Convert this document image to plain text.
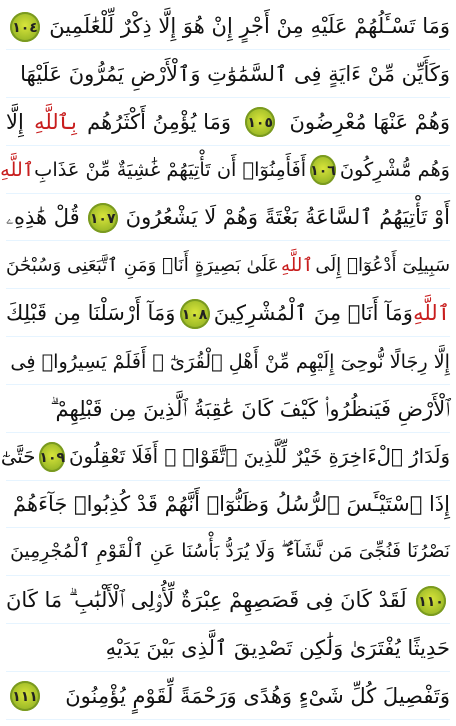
وَمَا تَسْـَٔلُهُمْ عَلَيْهِ مِنْ أَجْرٍ إِنْ هُوَ إِلَّا ذِكْرٌ لِّلْعَٰلَمِينَ
١٠٤
وَكَأَيِّن مِّنْ ءَايَةٍ فِى ٱلسَّمَٰوَٰتِ وَٱلْأَرْضِ يَمُرُّونَ عَلَيْهَا
وَهُمْ عَنْهَا مُعْرِضُونَ
١٠٥
وَمَا يُؤْمِنُ أَكْثَرُهُم
بِٱللَّهِ
إِلَّا
وَهُم مُّشْرِكُونَ
١٠٦
أَفَأَمِنُوٓا۟ أَن تَأْتِيَهُمْ غَٰشِيَةٌ مِّنْ عَذَابِ
ٱللَّهِ
أَوْ تَأْتِيَهُمُ ٱلسَّاعَةُ بَغْتَةً وَهُمْ لَا يَشْعُرُونَ
١٠٧
قُلْ هَٰذِهِۦ
سَبِيلِىٓ أَدْعُوٓا۟ إِلَى
ٱللَّهِ
عَلَىٰ بَصِيرَةٍ أَنَا۠ وَمَنِ ٱتَّبَعَنِى وَسُبْحَٰنَ
ٱللَّهِ
وَمَآ أَنَا۠ مِنَ ٱلْمُشْرِكِينَ
١٠٨
وَمَآ أَرْسَلْنَا مِن قَبْلِكَ
إِلَّا رِجَالًا نُّوحِىٓ إِلَيْهِم مِّنْ أَهْلِ ٱلْقُرَىٰٓ ۗ أَفَلَمْ يَسِيرُوا۟ فِى
ٱلْأَرْضِ فَيَنظُرُوا۟ كَيْفَ كَانَ عَٰقِبَةُ ٱلَّذِينَ مِن قَبْلِهِمْ ۗ
وَلَدَارُ ٱلْءَاخِرَةِ خَيْرٌ لِّلَّذِينَ ٱتَّقَوْا۟ ۗ أَفَلَا تَعْقِلُونَ
١٠٩
حَتَّىٰٓ
إِذَا ٱسْتَيْـَٔسَ ٱلرُّسُلُ وَظَنُّوٓا۟ أَنَّهُمْ قَدْ كُذِبُوا۟ جَآءَهُمْ
نَصْرُنَا فَنُجِّىَ مَن نَّشَآءُ ۖ وَلَا يُرَدُّ بَأْسُنَا عَنِ ٱلْقَوْمِ ٱلْمُجْرِمِينَ
١١٠
لَقَدْ كَانَ فِى قَصَصِهِمْ عِبْرَةٌ لِّأُو۟لِى ٱلْأَلْبَٰبِ ۗ مَا كَانَ
حَدِيثًا يُفْتَرَىٰ وَلَٰكِن تَصْدِيقَ ٱلَّذِى بَيْنَ يَدَيْهِ
وَتَفْصِيلَ كُلِّ شَىْءٍ وَهُدًى وَرَحْمَةً لِّقَوْمٍ يُؤْمِنُونَ
١١١
